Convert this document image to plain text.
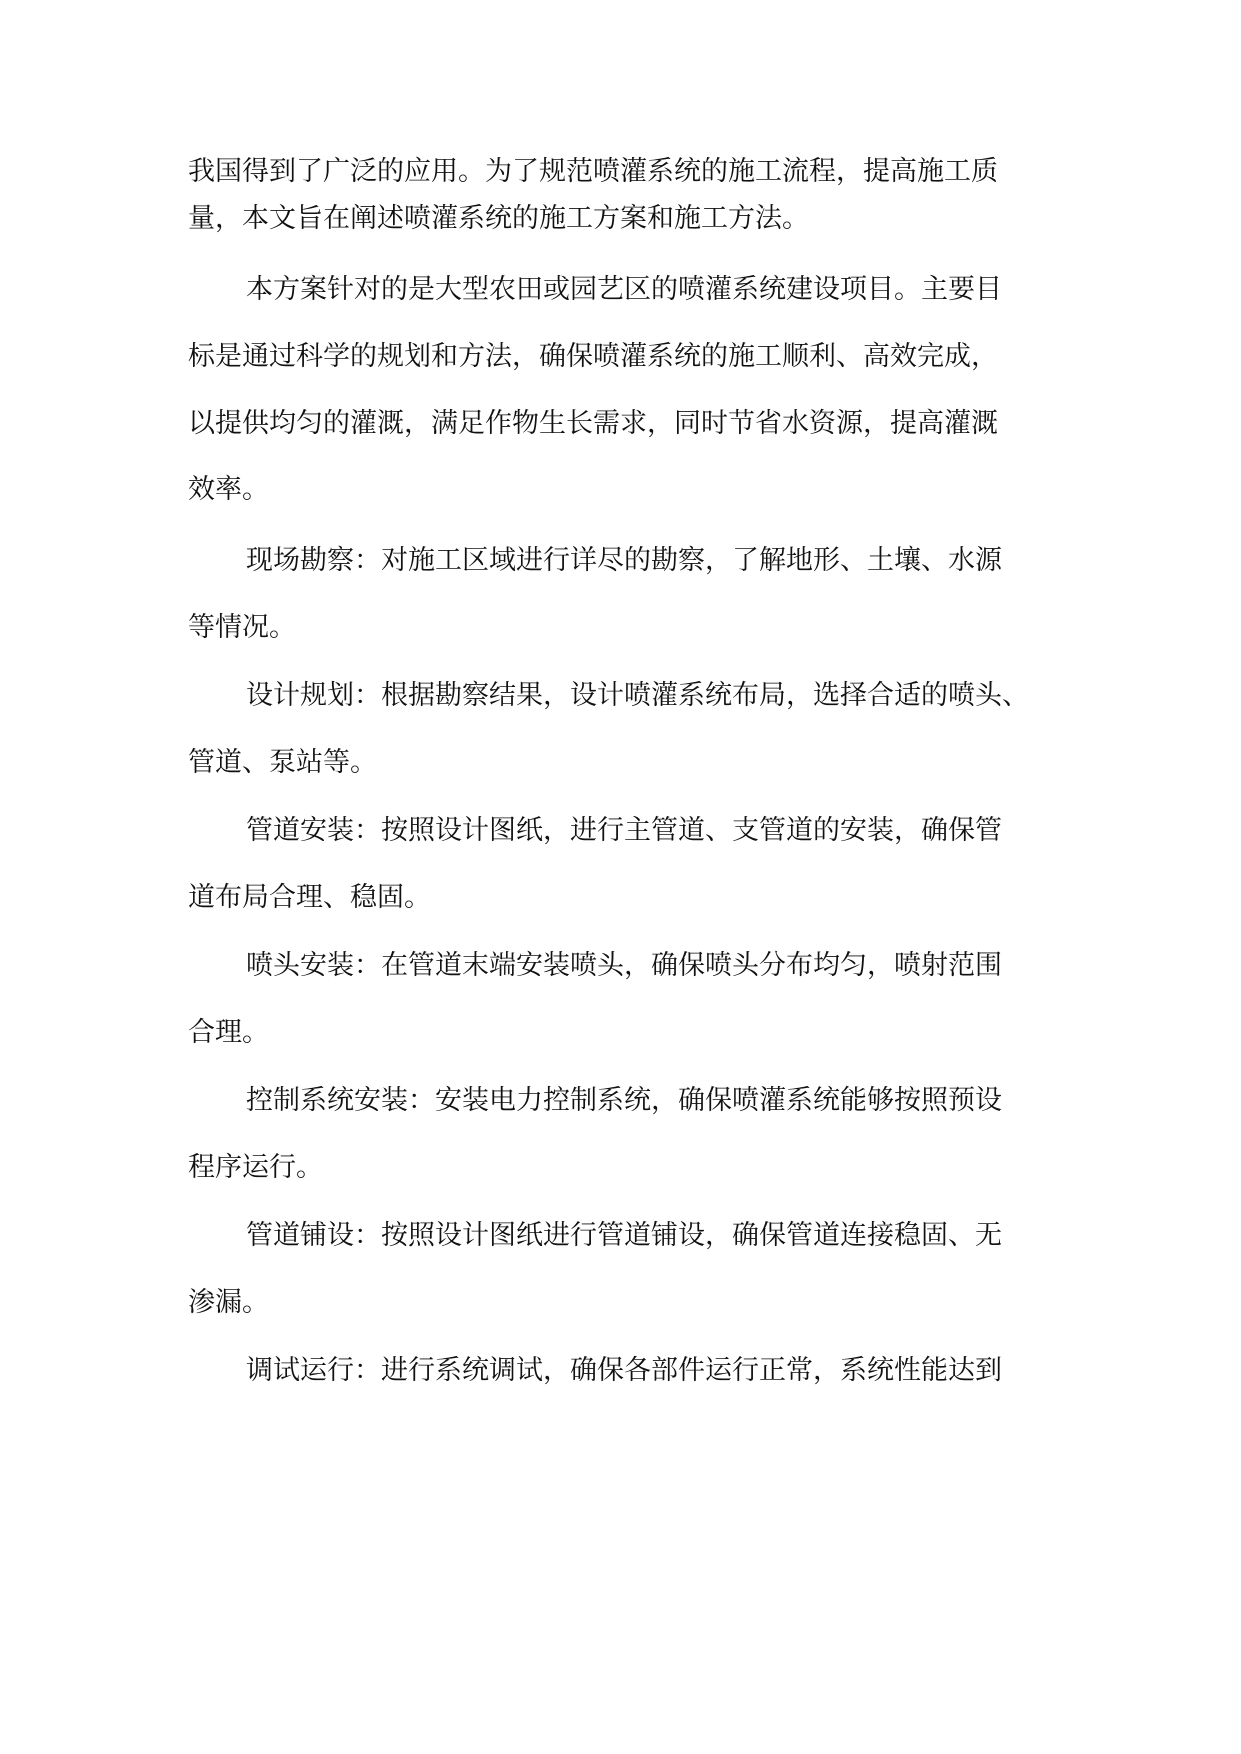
我国得到了广泛的应用。为了规范喷灌系统的施工流程，提高施工质

量，本文旨在阐述喷灌系统的施工方案和施工方法。

本方案针对的是大型农田或园艺区的喷灌系统建设项目。主要目

标是通过科学的规划和方法，确保喷灌系统的施工顺利、高效完成，

以提供均匀的灌溉，满足作物生长需求，同时节省水资源，提高灌溉

效率。

现场勘察：对施工区域进行详尽的勘察，了解地形、土壤、水源

等情况。

设计规划：根据勘察结果，设计喷灌系统布局，选择合适的喷头、

管道、泵站等。

管道安装：按照设计图纸，进行主管道、支管道的安装，确保管

道布局合理、稳固。

喷头安装：在管道末端安装喷头，确保喷头分布均匀，喷射范围

合理。

控制系统安装：安装电力控制系统，确保喷灌系统能够按照预设

程序运行。

管道铺设：按照设计图纸进行管道铺设，确保管道连接稳固、无

渗漏。

调试运行：进行系统调试，确保各部件运行正常，系统性能达到
